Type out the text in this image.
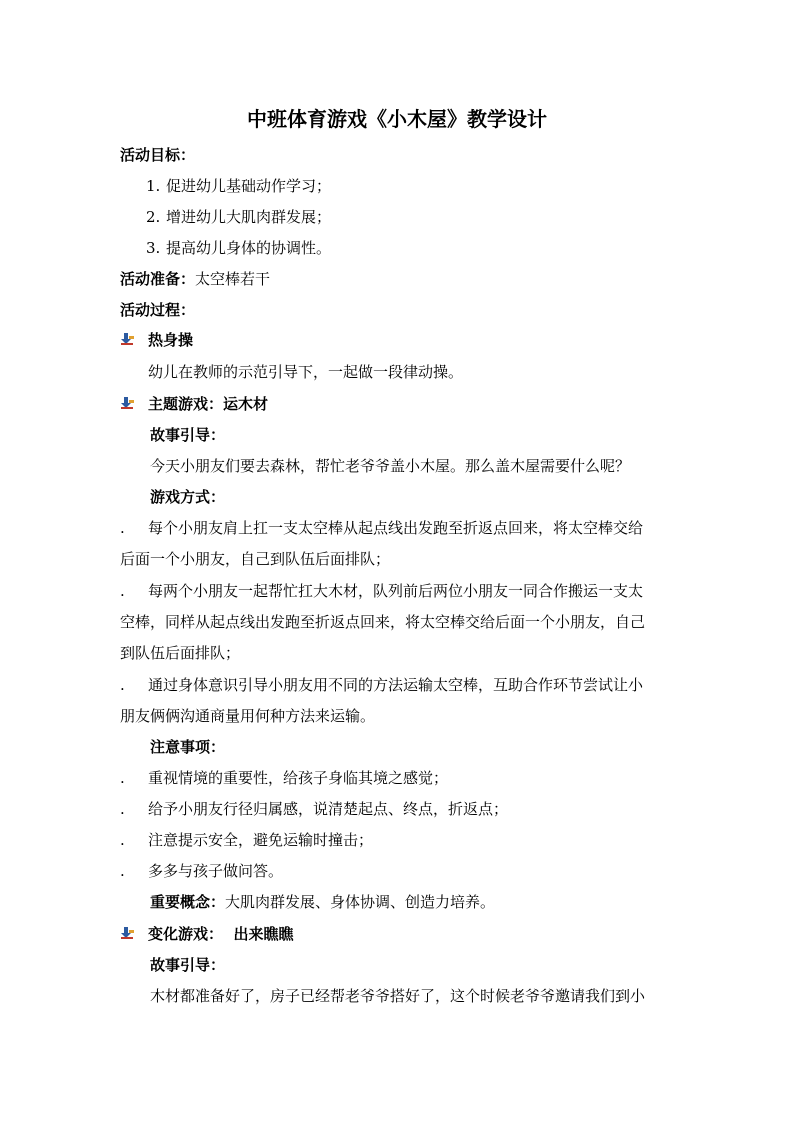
中班体育游戏《小木屋》教学设计
活动目标：
1. 促进幼儿基础动作学习；
2. 增进幼儿大肌肉群发展；
3. 提高幼儿身体的协调性。
活动准备：太空棒若干
活动过程：
热身操
幼儿在教师的示范引导下，一起做一段律动操。
主题游戏：运木材
故事引导：
今天小朋友们要去森林，帮忙老爷爷盖小木屋。那么盖木屋需要什么呢？
游戏方式：
. 每个小朋友肩上扛一支太空棒从起点线出发跑至折返点回来，将太空棒交给
后面一个小朋友，自己到队伍后面排队；
. 每两个小朋友一起帮忙扛大木材，队列前后两位小朋友一同合作搬运一支太
空棒，同样从起点线出发跑至折返点回来，将太空棒交给后面一个小朋友，自己
到队伍后面排队；
. 通过身体意识引导小朋友用不同的方法运输太空棒，互助合作环节尝试让小
朋友俩俩沟通商量用何种方法来运输。
注意事项：
. 重视情境的重要性，给孩子身临其境之感觉；
. 给予小朋友行径归属感，说清楚起点、终点，折返点；
. 注意提示安全，避免运输时撞击；
. 多多与孩子做问答。
重要概念：大肌肉群发展、身体协调、创造力培养。
变化游戏：  出来瞧瞧
故事引导：
木材都准备好了，房子已经帮老爷爷搭好了，这个时候老爷爷邀请我们到小
